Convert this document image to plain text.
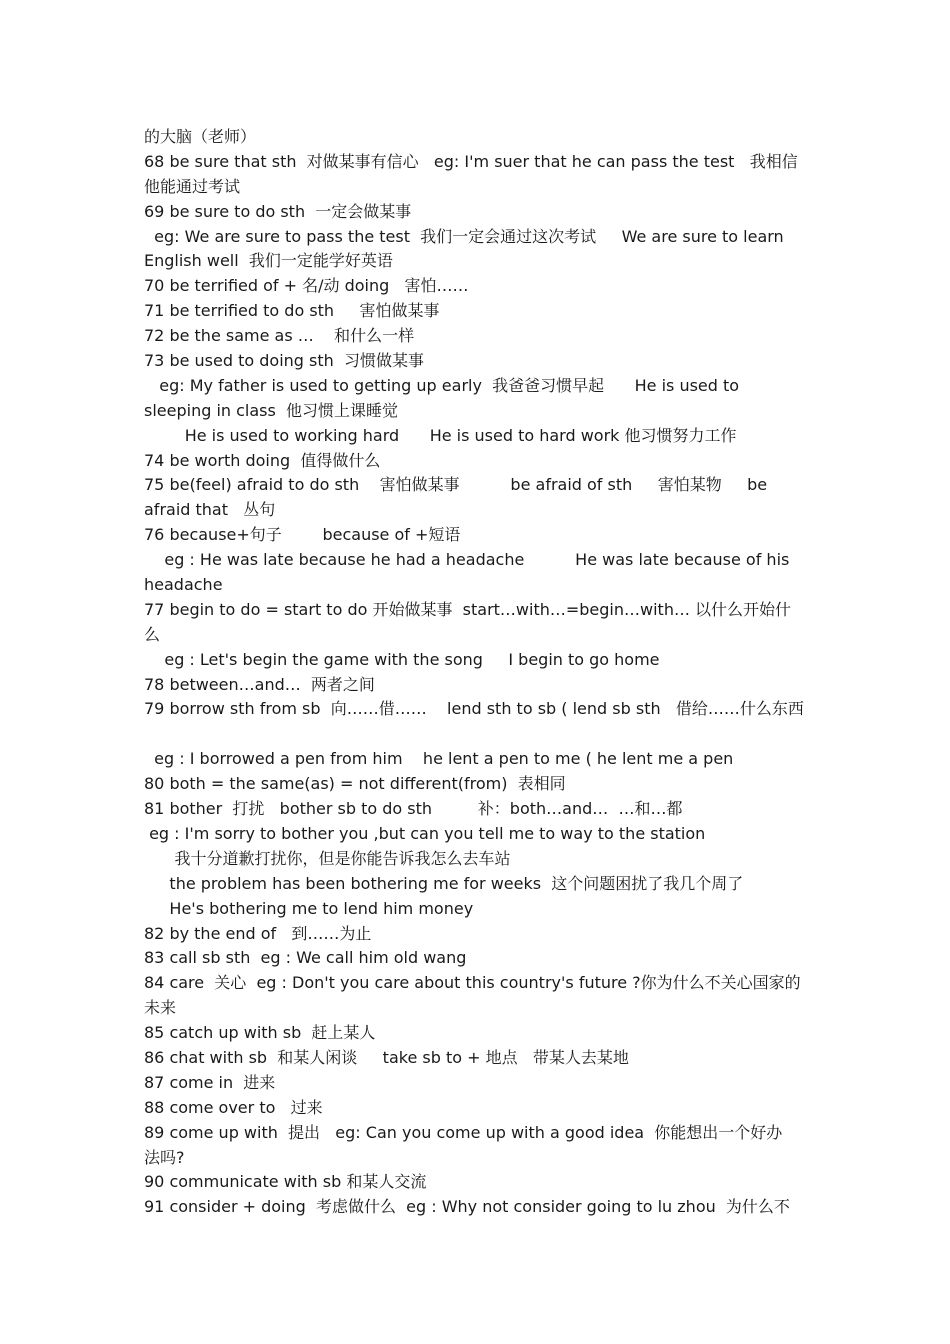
的大脑（老师）
68 be sure that sth  对做某事有信心   eg: I'm suer that he can pass the test   我相信
他能通过考试
69 be sure to do sth  一定会做某事
eg: We are sure to pass the test  我们一定会通过这次考试     We are sure to learn
English well  我们一定能学好英语
70 be terrified of + 名/动 doing   害怕……
71 be terrified to do sth     害怕做某事
72 be the same as …    和什么一样
73 be used to doing sth  习惯做某事
eg: My father is used to getting up early  我爸爸习惯早起      He is used to
sleeping in class  他习惯上课睡觉
He is used to working hard      He is used to hard work 他习惯努力工作
74 be worth doing  值得做什么
75 be(feel) afraid to do sth    害怕做某事          be afraid of sth     害怕某物     be
afraid that   丛句
76 because+句子        because of +短语
eg : He was late because he had a headache          He was late because of his
headache
77 begin to do = start to do 开始做某事  start…with…=begin…with… 以什么开始什
么
eg : Let's begin the game with the song     I begin to go home
78 between…and…  两者之间
79 borrow sth from sb  向……借……    lend sth to sb ( lend sb sth   借给……什么东西
eg : I borrowed a pen from him    he lent a pen to me ( he lent me a pen
80 both = the same(as) = not different(from)  表相同
81 bother  打扰   bother sb to do sth         补：both…and…  …和…都
eg : I'm sorry to bother you ,but can you tell me to way to the station
我十分道歉打扰你，但是你能告诉我怎么去车站
the problem has been bothering me for weeks  这个问题困扰了我几个周了
He's bothering me to lend him money
82 by the end of   到……为止
83 call sb sth  eg : We call him old wang
84 care  关心  eg : Don't you care about this country's future ?你为什么不关心国家的
未来
85 catch up with sb  赶上某人
86 chat with sb  和某人闲谈     take sb to + 地点   带某人去某地
87 come in  进来
88 come over to   过来
89 come up with  提出   eg: Can you come up with a good idea  你能想出一个好办
法吗?
90 communicate with sb 和某人交流
91 consider + doing  考虑做什么  eg : Why not consider going to lu zhou  为什么不
